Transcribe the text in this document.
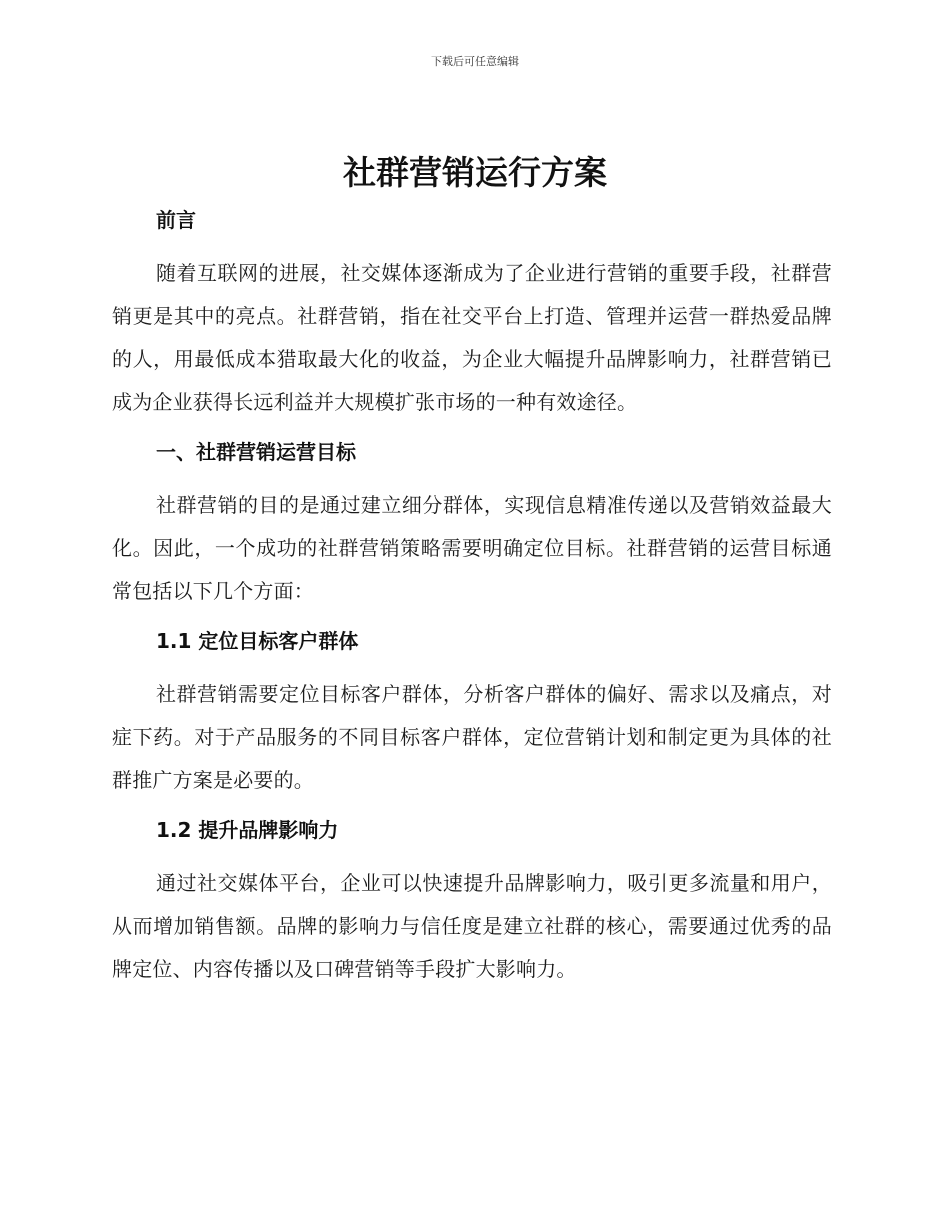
下载后可任意编辑
社群营销运行方案
前言

随着互联网的进展，社交媒体逐渐成为了企业进行营销的重要手段，社群营销更是其中的亮点。社群营销，指在社交平台上打造、管理并运营一群热爱品牌的人，用最低成本猎取最大化的收益，为企业大幅提升品牌影响力，社群营销已成为企业获得长远利益并大规模扩张市场的一种有效途径。

一、社群营销运营目标

社群营销的目的是通过建立细分群体，实现信息精准传递以及营销效益最大化。因此，一个成功的社群营销策略需要明确定位目标。社群营销的运营目标通常包括以下几个方面：

1.1 定位目标客户群体

社群营销需要定位目标客户群体，分析客户群体的偏好、需求以及痛点，对症下药。对于产品服务的不同目标客户群体，定位营销计划和制定更为具体的社群推广方案是必要的。

1.2 提升品牌影响力

通过社交媒体平台，企业可以快速提升品牌影响力，吸引更多流量和用户，从而增加销售额。品牌的影响力与信任度是建立社群的核心，需要通过优秀的品牌定位、内容传播以及口碑营销等手段扩大影响力。
